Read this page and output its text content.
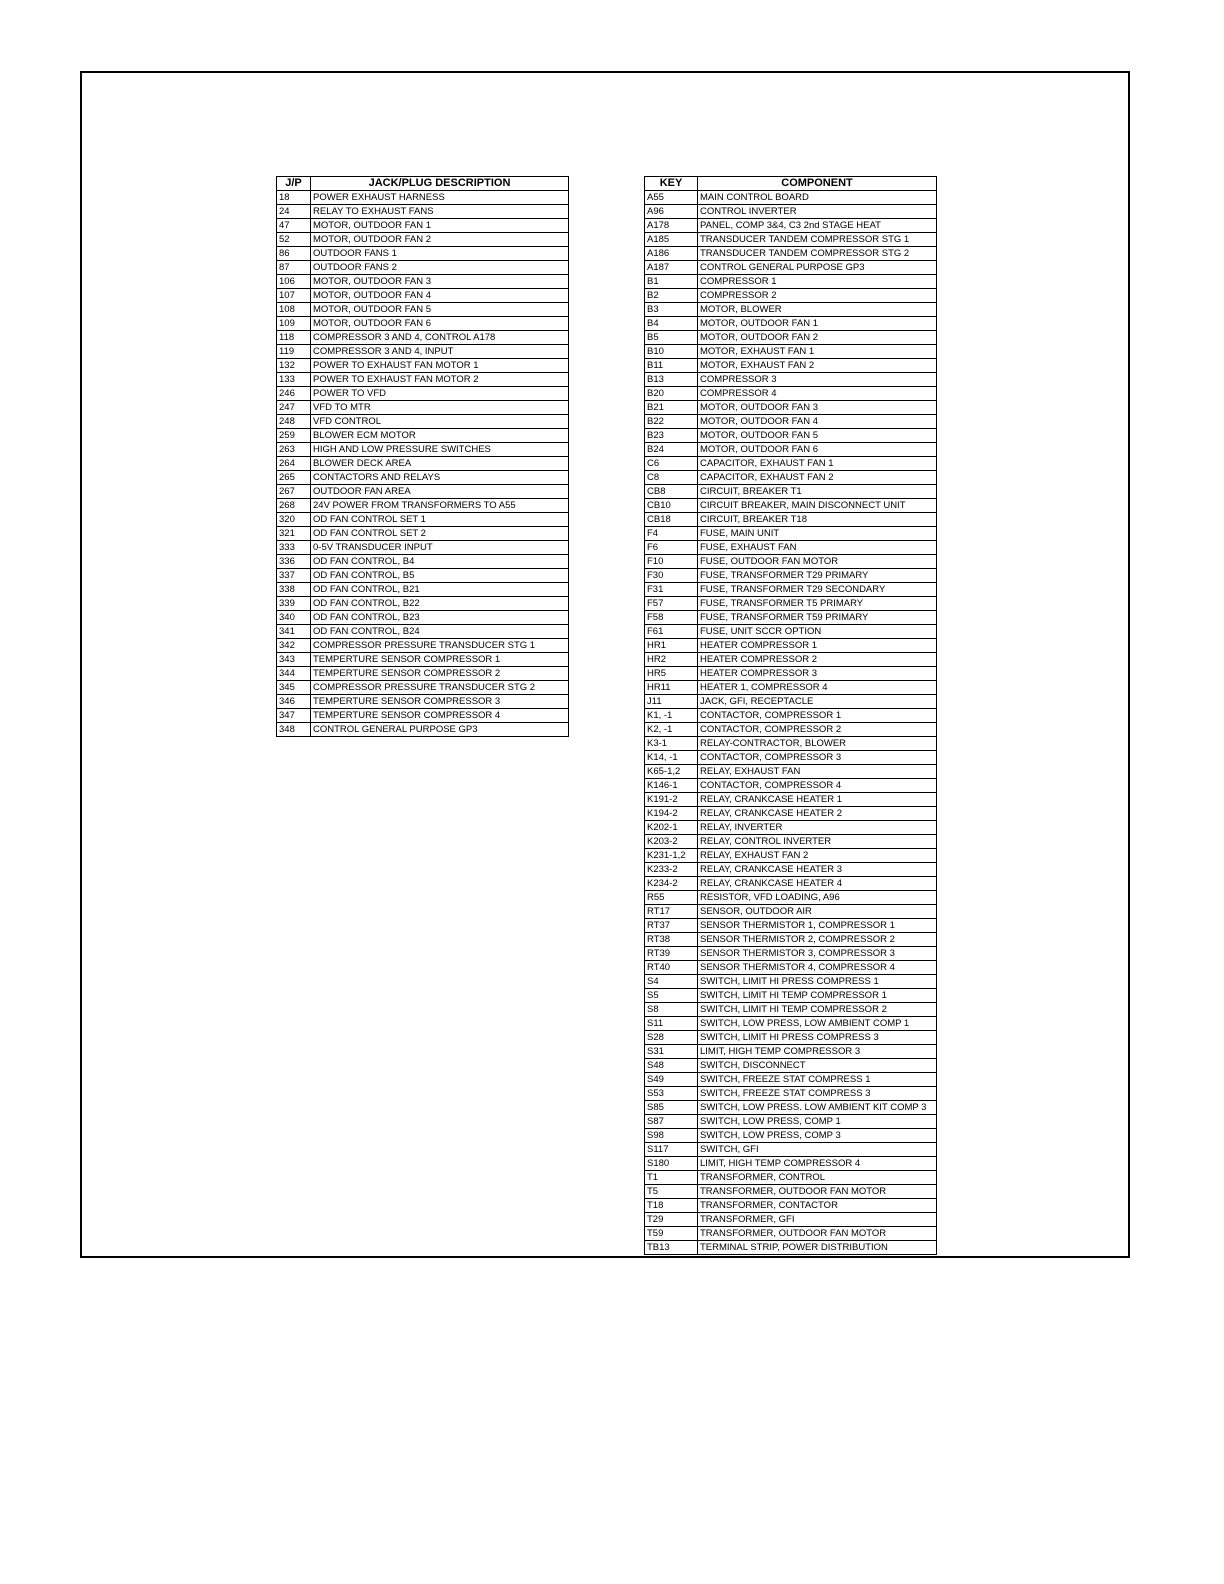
J/P	JACK/PLUG DESCRIPTION
18	POWER EXHAUST HARNESS
24	RELAY TO EXHAUST FANS
47	MOTOR, OUTDOOR FAN 1
52	MOTOR, OUTDOOR FAN 2
86	OUTDOOR FANS 1
87	OUTDOOR FANS 2
106	MOTOR, OUTDOOR FAN 3
107	MOTOR, OUTDOOR FAN 4
108	MOTOR, OUTDOOR FAN 5
109	MOTOR, OUTDOOR FAN 6
118	COMPRESSOR 3 AND 4, CONTROL A178
119	COMPRESSOR 3 AND 4, INPUT
132	POWER TO EXHAUST FAN MOTOR 1
133	POWER TO EXHAUST FAN MOTOR 2
246	POWER TO VFD
247	VFD TO MTR
248	VFD CONTROL
259	BLOWER ECM MOTOR
263	HIGH AND LOW PRESSURE SWITCHES
264	BLOWER DECK AREA
265	CONTACTORS AND RELAYS
267	OUTDOOR FAN AREA
268	24V POWER FROM TRANSFORMERS TO A55
320	OD FAN CONTROL SET 1
321	OD FAN CONTROL SET 2
333	0-5V TRANSDUCER INPUT
336	OD FAN CONTROL, B4
337	OD FAN CONTROL, B5
338	OD FAN CONTROL, B21
339	OD FAN CONTROL, B22
340	OD FAN CONTROL, B23
341	OD FAN CONTROL, B24
342	COMPRESSOR PRESSURE TRANSDUCER STG 1
343	TEMPERTURE SENSOR COMPRESSOR 1
344	TEMPERTURE SENSOR COMPRESSOR 2
345	COMPRESSOR PRESSURE TRANSDUCER STG 2
346	TEMPERTURE SENSOR COMPRESSOR 3
347	TEMPERTURE SENSOR COMPRESSOR 4
348	CONTROL GENERAL PURPOSE GP3
KEY	COMPONENT
A55	MAIN CONTROL BOARD
A96	CONTROL INVERTER
A178	PANEL, COMP 3&4, C3 2nd STAGE HEAT
A185	TRANSDUCER TANDEM COMPRESSOR STG 1
A186	TRANSDUCER TANDEM COMPRESSOR STG 2
A187	CONTROL GENERAL PURPOSE GP3
B1	COMPRESSOR 1
B2	COMPRESSOR 2
B3	MOTOR, BLOWER
B4	MOTOR, OUTDOOR FAN 1
B5	MOTOR, OUTDOOR FAN 2
B10	MOTOR, EXHAUST FAN 1
B11	MOTOR, EXHAUST FAN 2
B13	COMPRESSOR 3
B20	COMPRESSOR 4
B21	MOTOR, OUTDOOR FAN 3
B22	MOTOR, OUTDOOR FAN 4
B23	MOTOR, OUTDOOR FAN 5
B24	MOTOR, OUTDOOR FAN 6
C6	CAPACITOR, EXHAUST FAN 1
C8	CAPACITOR, EXHAUST FAN 2
CB8	CIRCUIT, BREAKER T1
CB10	CIRCUIT BREAKER, MAIN DISCONNECT UNIT
CB18	CIRCUIT, BREAKER T18
F4	FUSE, MAIN UNIT
F6	FUSE, EXHAUST FAN
F10	FUSE, OUTDOOR FAN MOTOR
F30	FUSE, TRANSFORMER T29 PRIMARY
F31	FUSE, TRANSFORMER T29 SECONDARY
F57	FUSE, TRANSFORMER T5 PRIMARY
F58	FUSE, TRANSFORMER T59 PRIMARY
F61	FUSE, UNIT SCCR OPTION
HR1	HEATER COMPRESSOR 1
HR2	HEATER COMPRESSOR 2
HR5	HEATER COMPRESSOR 3
HR11	HEATER 1, COMPRESSOR 4
J11	JACK, GFI, RECEPTACLE
K1, -1	CONTACTOR, COMPRESSOR 1
K2, -1	CONTACTOR, COMPRESSOR 2
K3-1	RELAY-CONTRACTOR, BLOWER
K14, -1	CONTACTOR, COMPRESSOR 3
K65-1,2	RELAY, EXHAUST FAN
K146-1	CONTACTOR, COMPRESSOR 4
K191-2	RELAY, CRANKCASE HEATER 1
K194-2	RELAY, CRANKCASE HEATER 2
K202-1	RELAY, INVERTER
K203-2	RELAY, CONTROL INVERTER
K231-1,2	RELAY, EXHAUST FAN 2
K233-2	RELAY, CRANKCASE HEATER 3
K234-2	RELAY, CRANKCASE HEATER 4
R55	RESISTOR, VFD LOADING, A96
RT17	SENSOR, OUTDOOR AIR
RT37	SENSOR THERMISTOR 1, COMPRESSOR 1
RT38	SENSOR THERMISTOR 2, COMPRESSOR 2
RT39	SENSOR THERMISTOR 3, COMPRESSOR 3
RT40	SENSOR THERMISTOR 4, COMPRESSOR 4
S4	SWITCH, LIMIT HI PRESS COMPRESS 1
S5	SWITCH, LIMIT HI TEMP COMPRESSOR 1
S8	SWITCH, LIMIT HI TEMP COMPRESSOR 2
S11	SWITCH, LOW PRESS, LOW AMBIENT COMP 1
S28	SWITCH, LIMIT HI PRESS COMPRESS 3
S31	LIMIT, HIGH TEMP COMPRESSOR 3
S48	SWITCH, DISCONNECT
S49	SWITCH, FREEZE STAT COMPRESS 1
S53	SWITCH, FREEZE STAT COMPRESS 3
S85	SWITCH, LOW PRESS. LOW AMBIENT KIT COMP 3
S87	SWITCH, LOW PRESS, COMP 1
S98	SWITCH, LOW PRESS, COMP 3
S117	SWITCH, GFI
S180	LIMIT, HIGH TEMP COMPRESSOR 4
T1	TRANSFORMER, CONTROL
T5	TRANSFORMER, OUTDOOR FAN MOTOR
T18	TRANSFORMER, CONTACTOR
T29	TRANSFORMER, GFI
T59	TRANSFORMER, OUTDOOR FAN MOTOR
TB13	TERMINAL STRIP, POWER DISTRIBUTION
